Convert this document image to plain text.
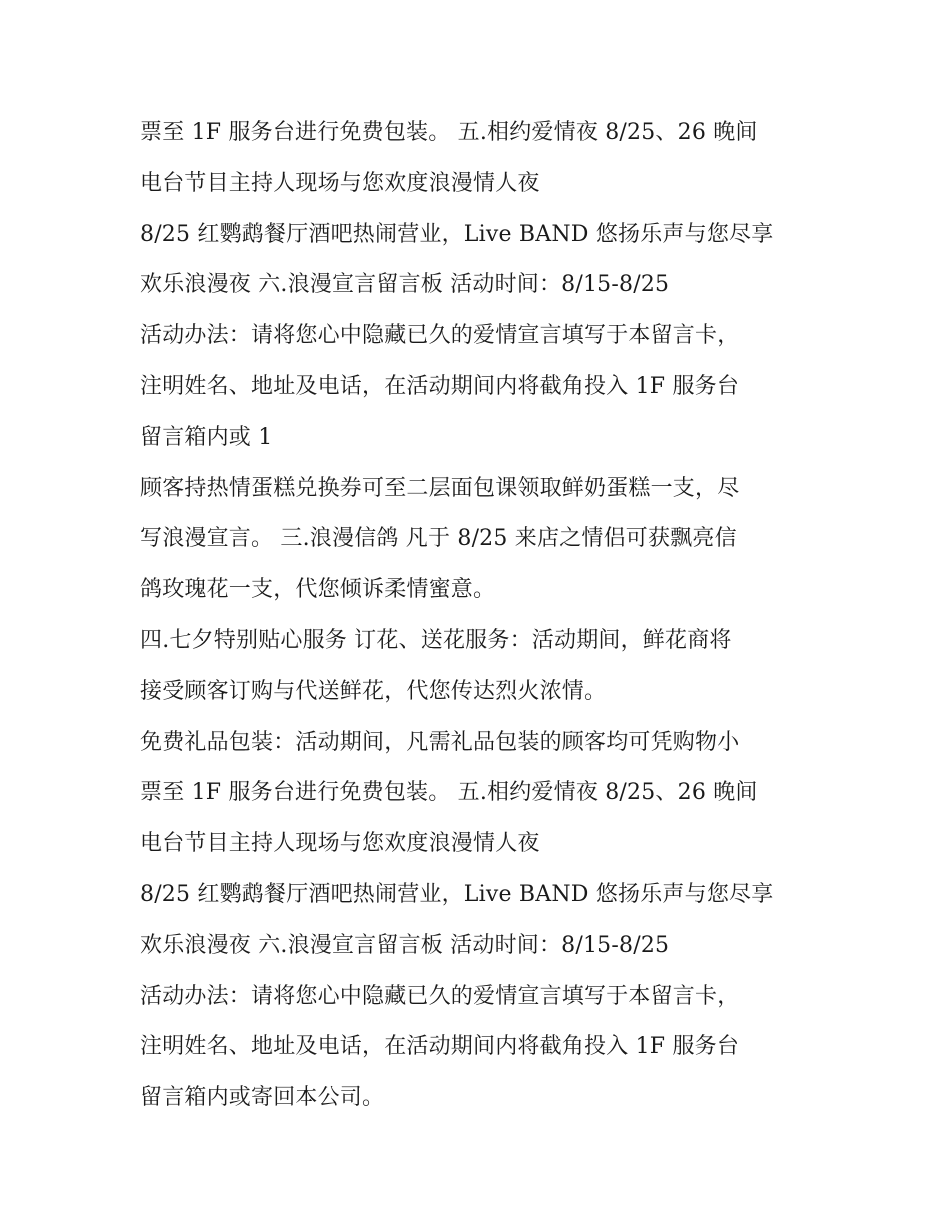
票至 1F 服务台进行免费包装。 五.相约爱情夜 8/25、26 晚间
电台节目主持人现场与您欢度浪漫情人夜
8/25 红鹦鹉餐厅酒吧热闹营业，Live BAND 悠扬乐声与您尽享
欢乐浪漫夜 六.浪漫宣言留言板 活动时间：8/15-8/25
活动办法：请将您心中隐藏已久的爱情宣言填写于本留言卡，
注明姓名、地址及电话，在活动期间内将截角投入 1F 服务台
留言箱内或 1
顾客持热情蛋糕兑换券可至二层面包课领取鲜奶蛋糕一支，尽
写浪漫宣言。 三.浪漫信鸽 凡于 8/25 来店之情侣可获飘亮信
鸽玫瑰花一支，代您倾诉柔情蜜意。
四.七夕特别贴心服务 订花、送花服务：活动期间，鲜花商将
接受顾客订购与代送鲜花，代您传达烈火浓情。
免费礼品包装：活动期间，凡需礼品包装的顾客均可凭购物小
票至 1F 服务台进行免费包装。 五.相约爱情夜 8/25、26 晚间
电台节目主持人现场与您欢度浪漫情人夜
8/25 红鹦鹉餐厅酒吧热闹营业，Live BAND 悠扬乐声与您尽享
欢乐浪漫夜 六.浪漫宣言留言板 活动时间：8/15-8/25
活动办法：请将您心中隐藏已久的爱情宣言填写于本留言卡，
注明姓名、地址及电话，在活动期间内将截角投入 1F 服务台
留言箱内或寄回本公司。
